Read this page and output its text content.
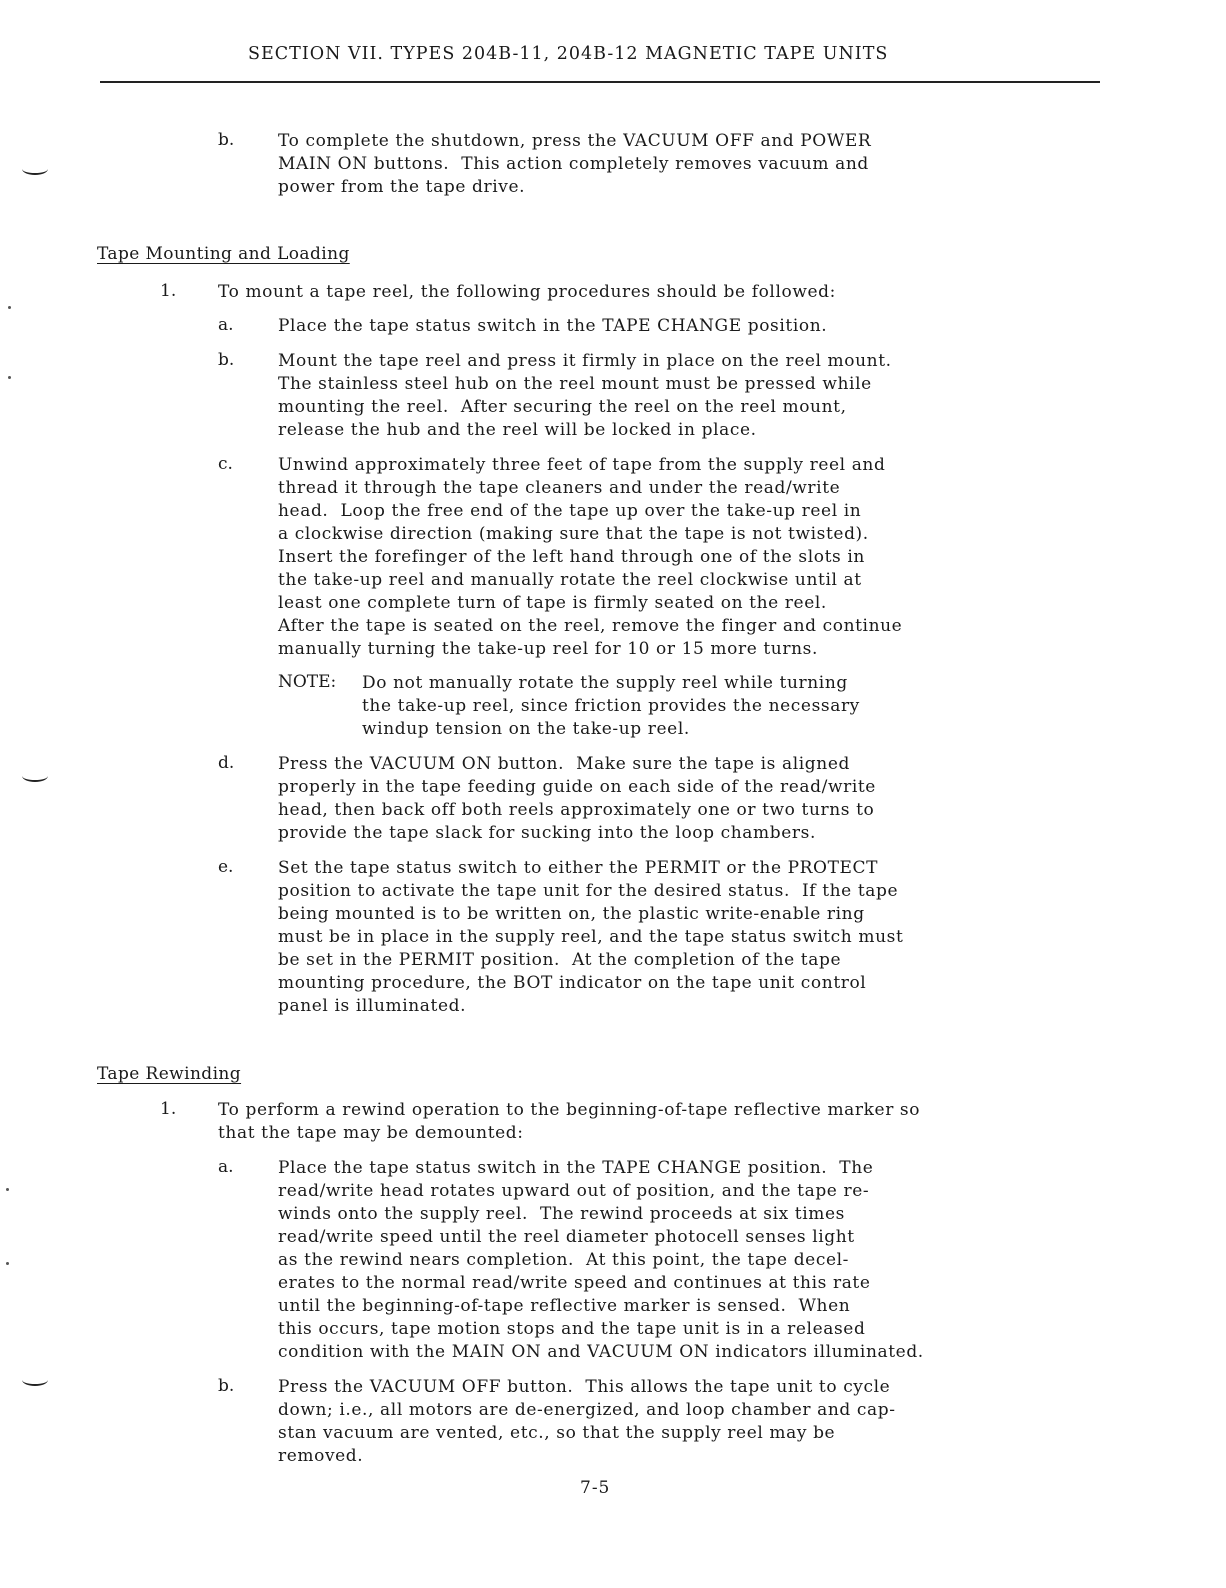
SECTION VII. TYPES 204B-11, 204B-12 MAGNETIC TAPE UNITS
b.	To complete the shutdown, press the VACUUM OFF and POWER
MAIN ON buttons.  This action completely removes vacuum and
power from the tape drive.
Tape Mounting and Loading
1. To mount a tape reel, the following procedures should be followed:
a.	Place the tape status switch in the TAPE CHANGE position.
b.	Mount the tape reel and press it firmly in place on the reel mount.
The stainless steel hub on the reel mount must be pressed while
mounting the reel.  After securing the reel on the reel mount,
release the hub and the reel will be locked in place.
c.	Unwind approximately three feet of tape from the supply reel and
thread it through the tape cleaners and under the read/write
head.  Loop the free end of the tape up over the take-up reel in
a clockwise direction (making sure that the tape is not twisted).
Insert the forefinger of the left hand through one of the slots in
the take-up reel and manually rotate the reel clockwise until at
least one complete turn of tape is firmly seated on the reel.
After the tape is seated on the reel, remove the finger and continue
manually turning the take-up reel for 10 or 15 more turns.
NOTE: Do not manually rotate the supply reel while turning
the take-up reel, since friction provides the necessary
windup tension on the take-up reel.
d.	Press the VACUUM ON button.  Make sure the tape is aligned
properly in the tape feeding guide on each side of the read/write
head, then back off both reels approximately one or two turns to
provide the tape slack for sucking into the loop chambers.
e.	Set the tape status switch to either the PERMIT or the PROTECT
position to activate the tape unit for the desired status.  If the tape
being mounted is to be written on, the plastic write-enable ring
must be in place in the supply reel, and the tape status switch must
be set in the PERMIT position.  At the completion of the tape
mounting procedure, the BOT indicator on the tape unit control
panel is illuminated.
Tape Rewinding
1. To perform a rewind operation to the beginning-of-tape reflective marker so
that the tape may be demounted:
a.	Place the tape status switch in the TAPE CHANGE position.  The
read/write head rotates upward out of position, and the tape re-
winds onto the supply reel.  The rewind proceeds at six times
read/write speed until the reel diameter photocell senses light
as the rewind nears completion.  At this point, the tape decel-
erates to the normal read/write speed and continues at this rate
until the beginning-of-tape reflective marker is sensed.  When
this occurs, tape motion stops and the tape unit is in a released
condition with the MAIN ON and VACUUM ON indicators illuminated.
b.	Press the VACUUM OFF button.  This allows the tape unit to cycle
down; i.e., all motors are de-energized, and loop chamber and cap-
stan vacuum are vented, etc., so that the supply reel may be
removed.
7-5
